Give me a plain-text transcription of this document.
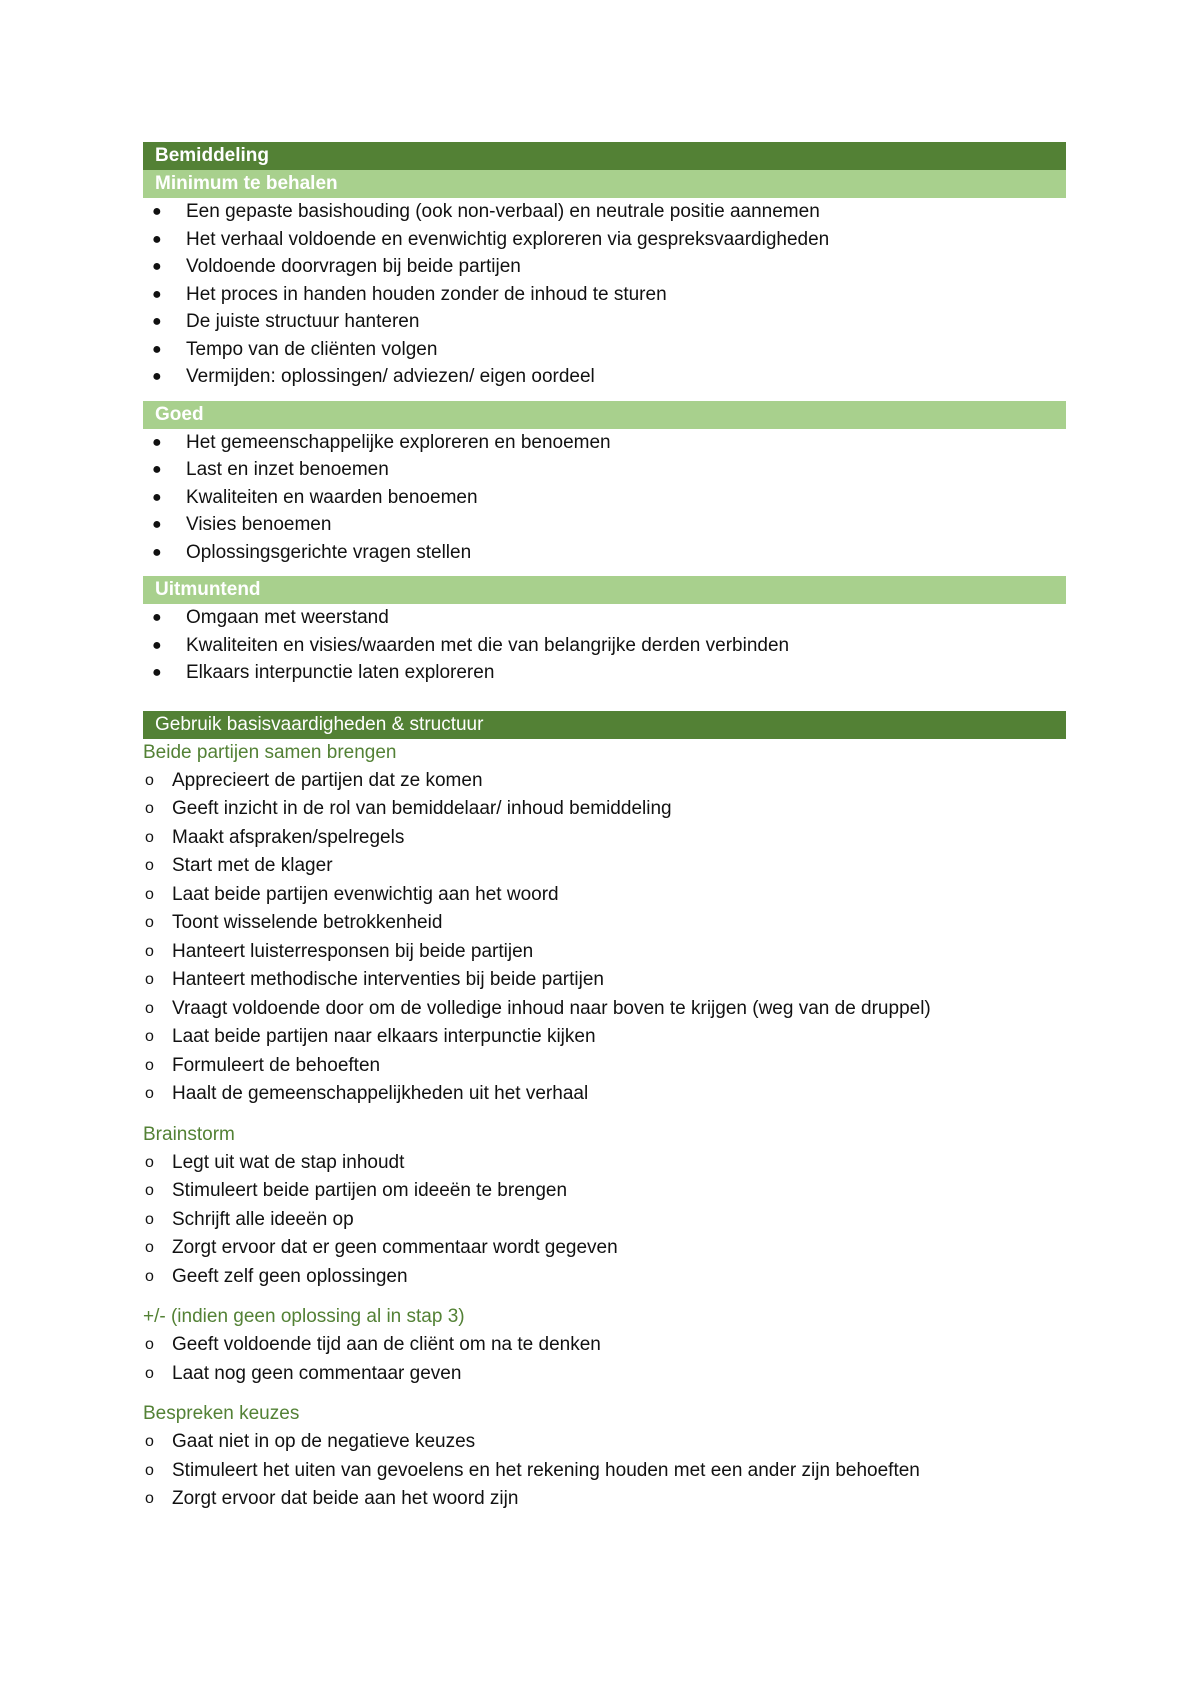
Bemiddeling
Minimum te behalen
● Een gepaste basishouding (ook non-verbaal) en neutrale positie aannemen
● Het verhaal voldoende en evenwichtig exploreren via gespreksvaardigheden
● Voldoende doorvragen bij beide partijen
● Het proces in handen houden zonder de inhoud te sturen
● De juiste structuur hanteren
● Tempo van de cliënten volgen
● Vermijden: oplossingen/ adviezen/ eigen oordeel
Goed
● Het gemeenschappelijke exploreren en benoemen
● Last en inzet benoemen
● Kwaliteiten en waarden benoemen
● Visies benoemen
● Oplossingsgerichte vragen stellen
Uitmuntend
● Omgaan met weerstand
● Kwaliteiten en visies/waarden met die van belangrijke derden verbinden
● Elkaars interpunctie laten exploreren
Gebruik basisvaardigheden & structuur
Beide partijen samen brengen
o Apprecieert de partijen dat ze komen
o Geeft inzicht in de rol van bemiddelaar/ inhoud bemiddeling
o Maakt afspraken/spelregels
o Start met de klager
o Laat beide partijen evenwichtig aan het woord
o Toont wisselende betrokkenheid
o Hanteert luisterresponsen bij beide partijen
o Hanteert methodische interventies bij beide partijen
o Vraagt voldoende door om de volledige inhoud naar boven te krijgen (weg van de druppel)
o Laat beide partijen naar elkaars interpunctie kijken
o Formuleert de behoeften
o Haalt de gemeenschappelijkheden uit het verhaal
Brainstorm
o Legt uit wat de stap inhoudt
o Stimuleert beide partijen om ideeën te brengen
o Schrijft alle ideeën op
o Zorgt ervoor dat er geen commentaar wordt gegeven
o Geeft zelf geen oplossingen
+/- (indien geen oplossing al in stap 3)
o Geeft voldoende tijd aan de cliënt om na te denken
o Laat nog geen commentaar geven
Bespreken keuzes
o Gaat niet in op de negatieve keuzes
o Stimuleert het uiten van gevoelens en het rekening houden met een ander zijn behoeften
o Zorgt ervoor dat beide aan het woord zijn
